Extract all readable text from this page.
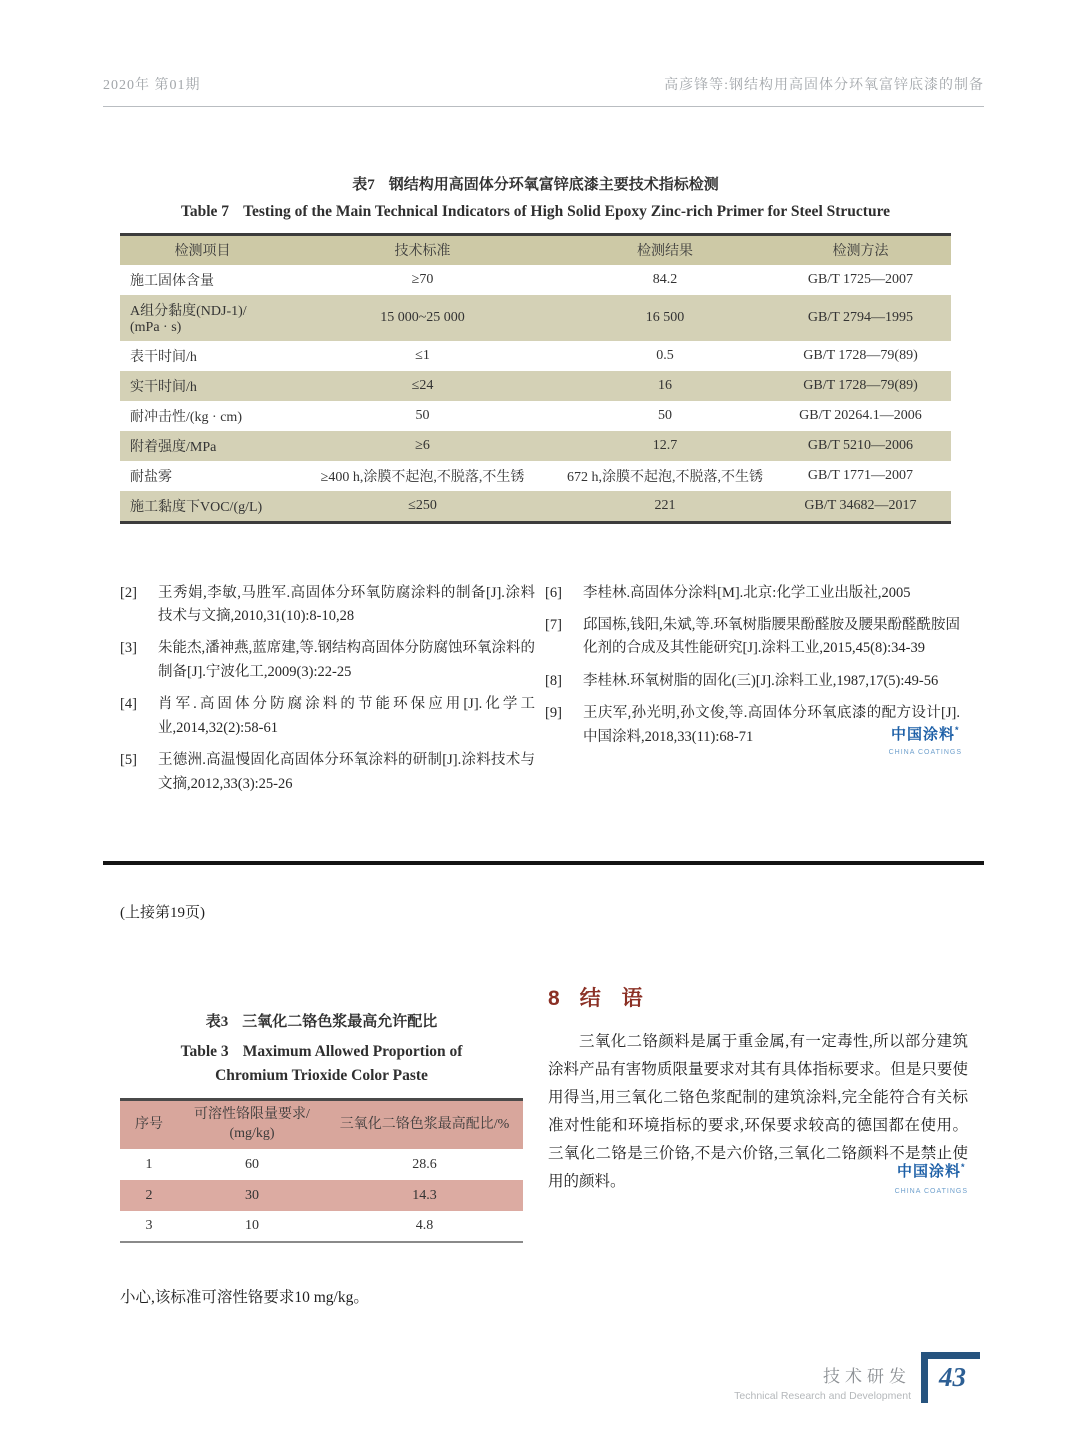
2020年 第01期	高彦锋等:钢结构用高固体分环氧富锌底漆的制备
表7 钢结构用高固体分环氧富锌底漆主要技术指标检测
Table 7 Testing of the Main Technical Indicators of High Solid Epoxy Zinc-rich Primer for Steel Structure
检测项目	技术标准	检测结果	检测方法
施工固体含量	≥70	84.2	GB/T 1725—2007
A组分黏度(NDJ-1)/ (mPa · s)	15 000~25 000	16 500	GB/T 2794—1995
表干时间/h	≤1	0.5	GB/T 1728—79(89)
实干时间/h	≤24	16	GB/T 1728—79(89)
耐冲击性/(kg · cm)	50	50	GB/T 20264.1—2006
附着强度/MPa	≥6	12.7	GB/T 5210—2006
耐盐雾	≥400 h,涂膜不起泡,不脱落,不生锈	672 h,涂膜不起泡,不脱落,不生锈	GB/T 1771—2007
施工黏度下VOC/(g/L)	≤250	221	GB/T 34682—2017
[2]	王秀娟,李敏,马胜军.高固体分环氧防腐涂料的制备[J].涂料技术与文摘,2010,31(10):8-10,28
[3]	朱能杰,潘神燕,蓝席建,等.钢结构高固体分防腐蚀环氧涂料的制备[J].宁波化工,2009(3):22-25
[4]	肖军.高固体分防腐涂料的节能环保应用[J].化学工业,2014,32(2):58-61
[5]	王德洲.高温慢固化高固体分环氧涂料的研制[J].涂料技术与文摘,2012,33(3):25-26
[6]	李桂林.高固体分涂料[M].北京:化学工业出版社,2005
[7]	邱国栋,钱阳,朱斌,等.环氧树脂腰果酚醛胺及腰果酚醛酰胺固化剂的合成及其性能研究[J].涂料工业,2015,45(8):34-39
[8]	李桂林.环氧树脂的固化(三)[J].涂料工业,1987,17(5):49-56
[9]	王庆军,孙光明,孙文俊,等.高固体分环氧底漆的配方设计[J].中国涂料,2018,33(11):68-71	中国涂料*
CHINA COATINGS
(上接第19页)
表3 三氧化二铬色浆最高允许配比
Table 3 Maximum Allowed Proportion of Chromium Trioxide Color Paste
序号	可溶性铬限量要求/ (mg/kg)	三氧化二铬色浆最高配比/%
1	60	28.6
2	30	14.3
3	10	4.8
小心,该标准可溶性铬要求10 mg/kg。
8 结　语

三氧化二铬颜料是属于重金属,有一定毒性,所以部分建筑涂料产品有害物质限量要求对其有具体指标要求。但是只要使用得当,用三氧化二铬色浆配制的建筑涂料,完全能符合有关标准对性能和环境指标的要求,环保要求较高的德国都在使用。三氧化二铬是三价铬,不是六价铬,三氧化二铬颜料不是禁止使用的颜料。

中国涂料*
CHINA COATINGS
技术研发
Technical Research and Development
43
